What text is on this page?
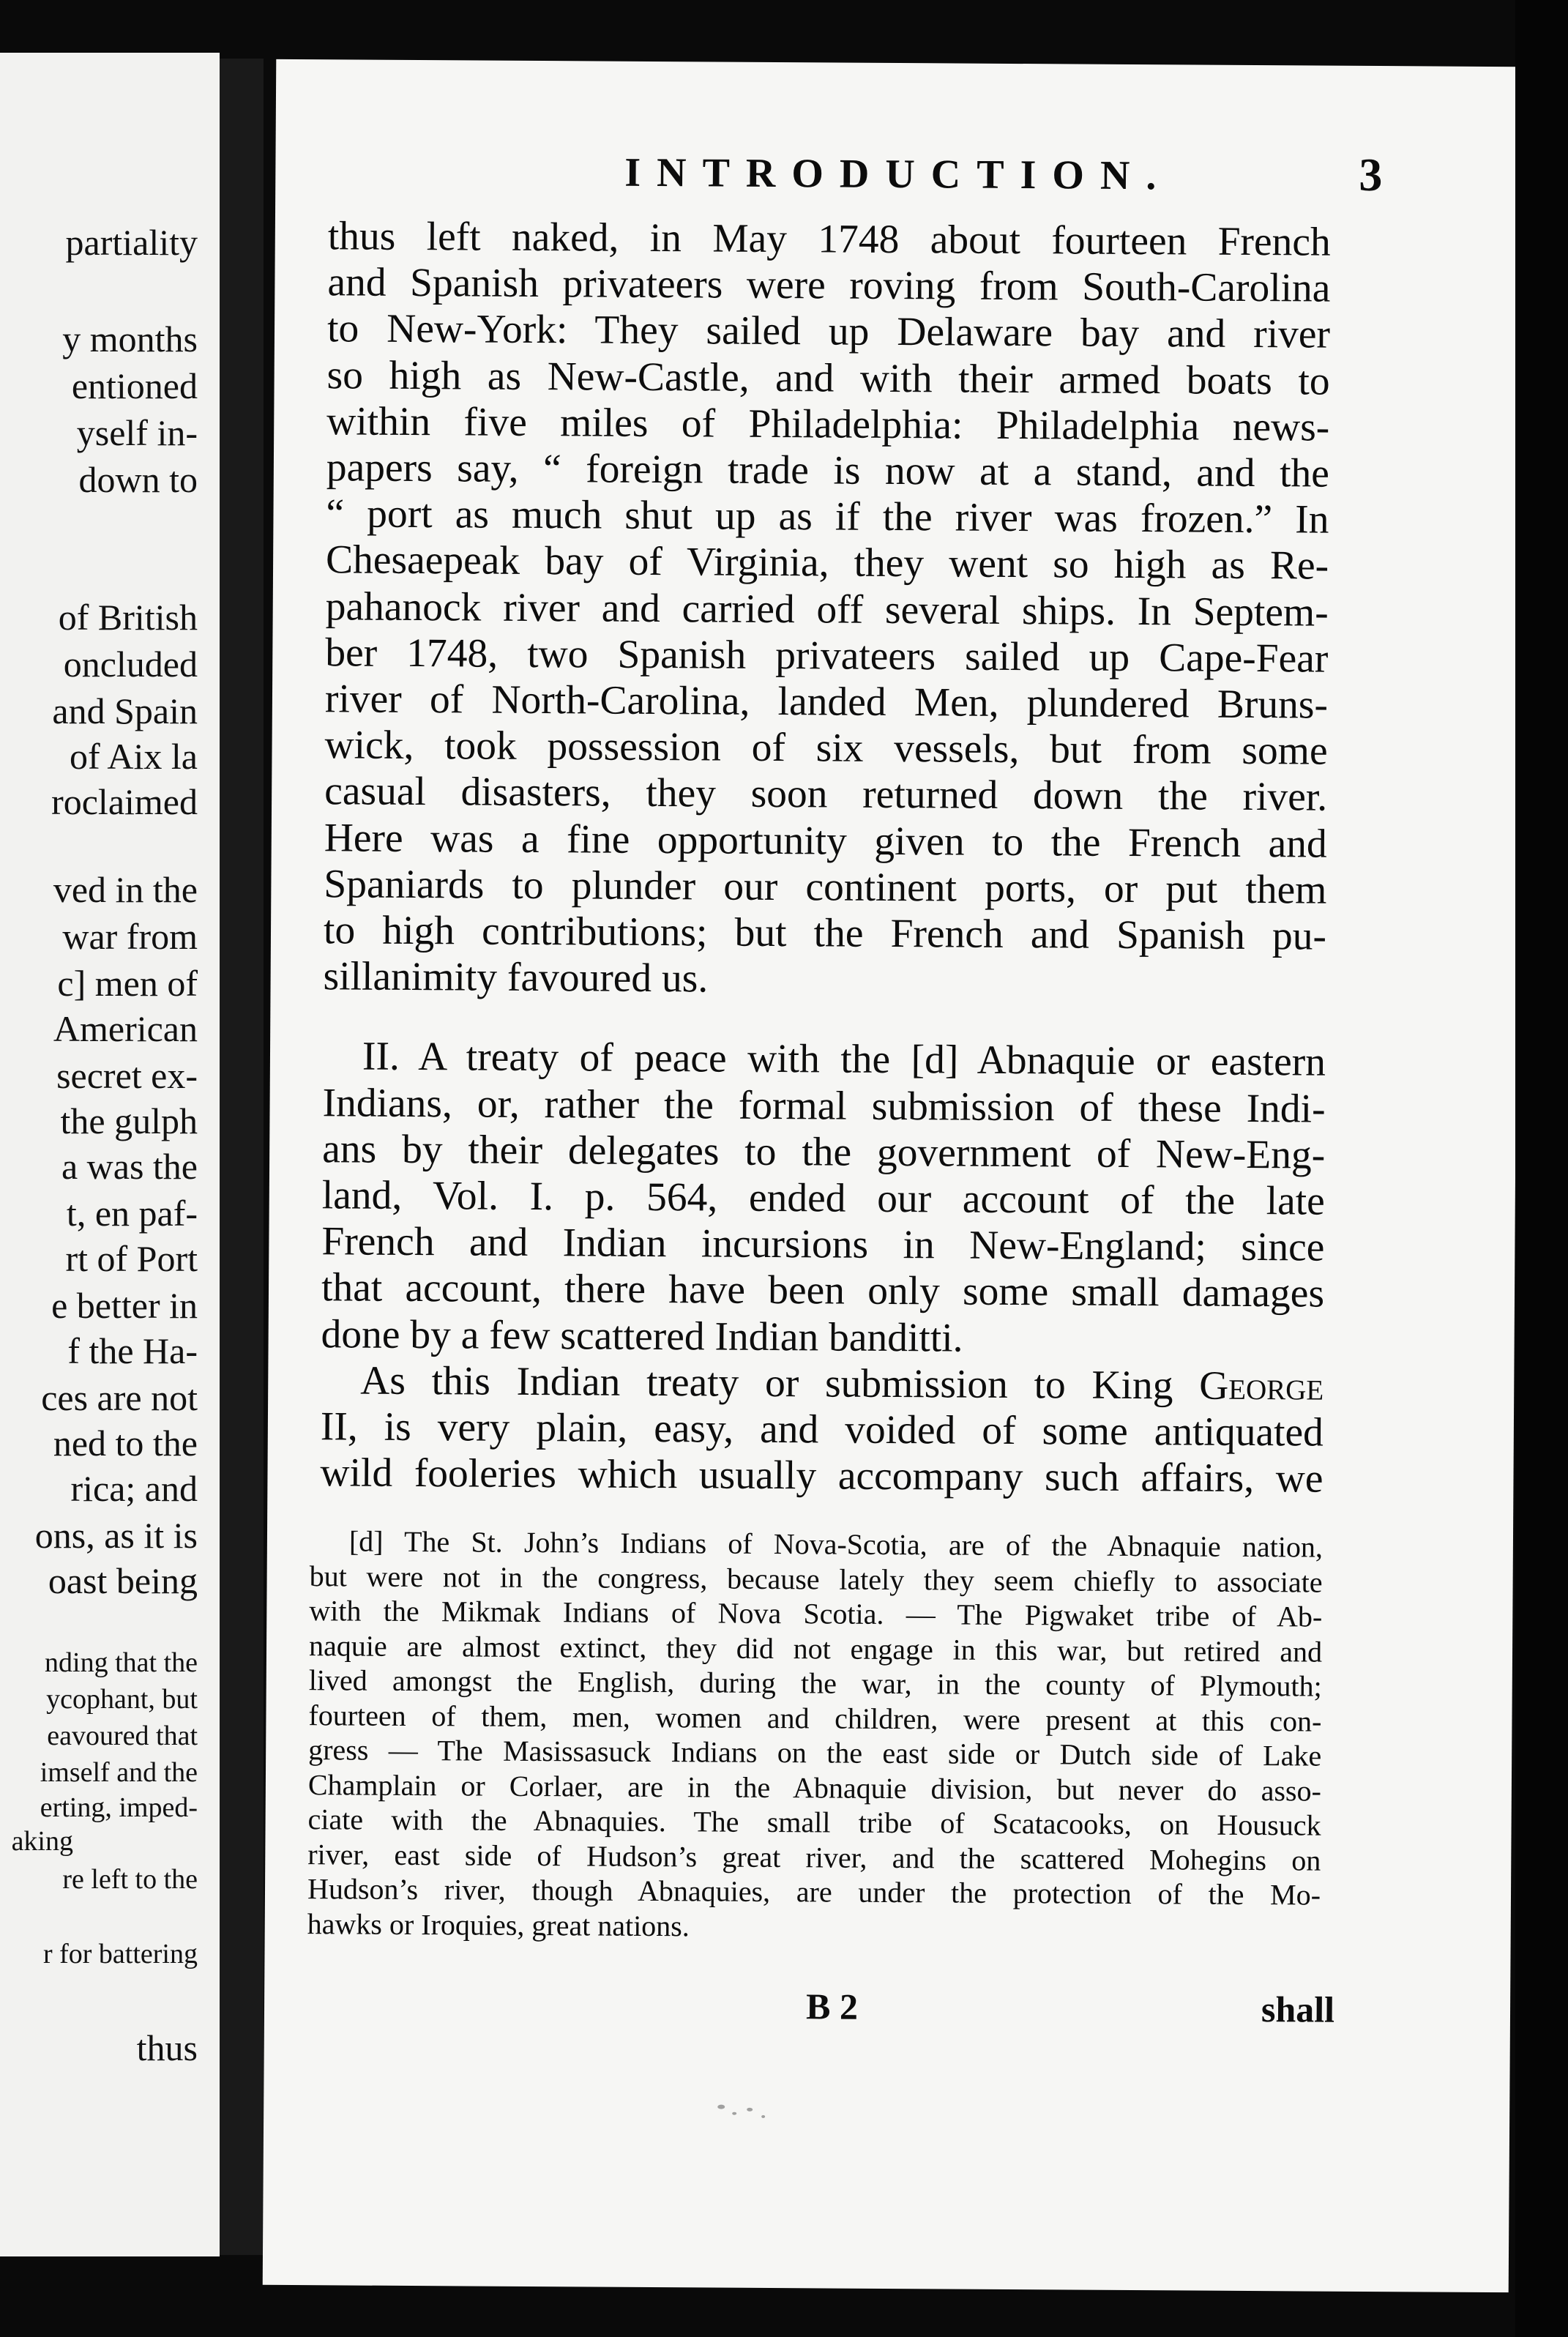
partiality
y months
entioned
yself in-
down to
of British
oncluded
and Spain
of Aix la
roclaimed
ved in the
war from
c] men of
American
secret ex-
the gulph
a was the
t, en paf-
rt of Port
e better in
f the Ha-
ces are not
ned to the
rica; and
ons, as it is
oast being
nding that the
ycophant, but
eavoured that
imself and the
erting, imped-
aking
re left to the
r for battering
thus
INTRODUCTION.	3
thus left naked, in May 1748 about fourteen French
and Spanish privateers were roving from South-Carolina
to New-York: They sailed up Delaware bay and river
so high as New-Castle, and with their armed boats to
within five miles of Philadelphia: Philadelphia news-
papers say, “ foreign trade is now at a stand, and the
“ port as much shut up as if the river was frozen.” In
Chesaepeak bay of Virginia, they went so high as Re-
pahanock river and carried off several ships. In Septem-
ber 1748, two Spanish privateers sailed up Cape-Fear
river of North-Carolina, landed Men, plundered Bruns-
wick, took possession of six vessels, but from some
casual disasters, they soon returned down the river.
Here was a fine opportunity given to the French and
Spaniards to plunder our continent ports, or put them
to high contributions; but the French and Spanish pu-
sillanimity favoured us.
II. A treaty of peace with the [d] Abnaquie or eastern
Indians, or, rather the formal submission of these Indi-
ans by their delegates to the government of New-Eng-
land, Vol. I. p. 564, ended our account of the late
French and Indian incursions in New-England; since
that account, there have been only some small damages
done by a few scattered Indian banditti.
As this Indian treaty or submission to King George
II, is very plain, easy, and voided of some antiquated
wild fooleries which usually accompany such affairs, we
[d] The St. John’s Indians of Nova-Scotia, are of the Abnaquie nation,
but were not in the congress, because lately they seem chiefly to associate
with the Mikmak Indians of Nova Scotia. — The Pigwaket tribe of Ab-
naquie are almost extinct, they did not engage in this war, but retired and
lived amongst the English, during the war, in the county of Plymouth;
fourteen of them, men, women and children, were present at this con-
gress — The Masissasuck Indians on the east side or Dutch side of Lake
Champlain or Corlaer, are in the Abnaquie division, but never do asso-
ciate with the Abnaquies. The small tribe of Scatacooks, on Housuck
river, east side of Hudson’s great river, and the scattered Mohegins on
Hudson’s river, though Abnaquies, are under the protection of the Mo-
hawks or Iroquies, great nations.
B 2	shall
